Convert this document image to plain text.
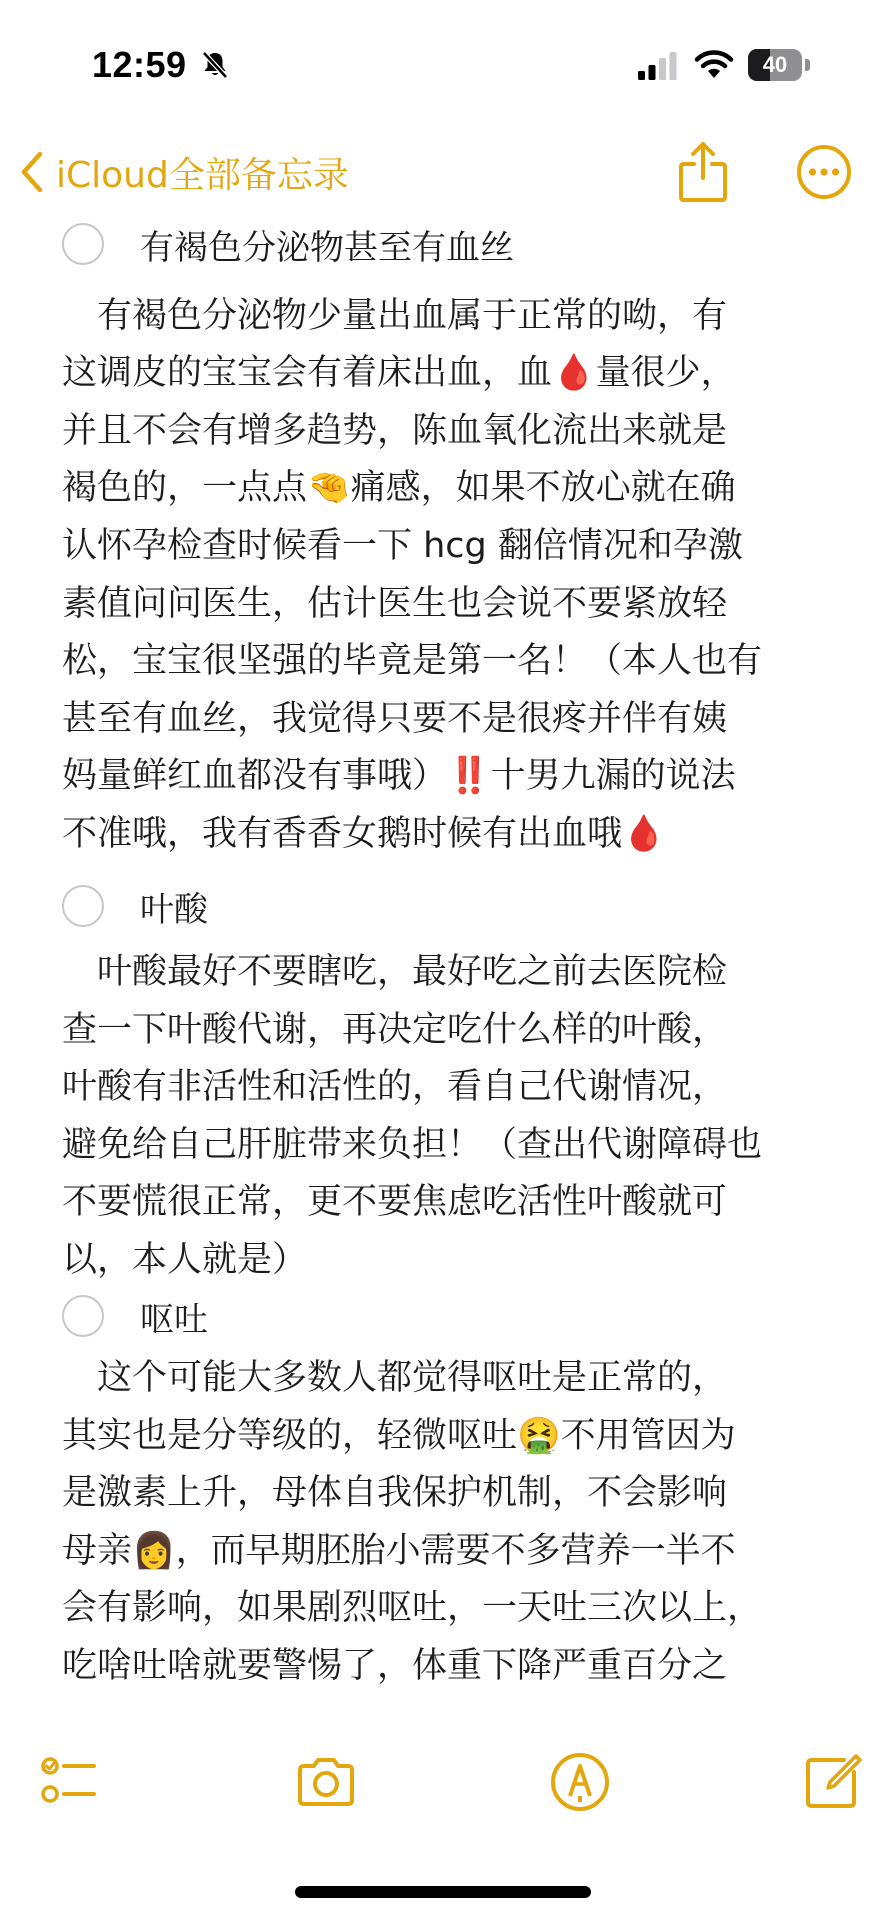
12:59	40
iCloud全部备忘录
有褐色分泌物甚至有血丝
　有褐色分泌物少量出血属于正常的呦，有
这调皮的宝宝会有着床出血，血🩸量很少，
并且不会有增多趋势，陈血氧化流出来就是
褐色的，一点点🤏痛感，如果不放心就在确
认怀孕检查时候看一下 hcg 翻倍情况和孕激
素值问问医生，估计医生也会说不要紧放轻
松，宝宝很坚强的毕竟是第一名！（本人也有
甚至有血丝，我觉得只要不是很疼并伴有姨
妈量鲜红血都没有事哦）‼️十男九漏的说法
不准哦，我有香香女鹅时候有出血哦🩸
叶酸
　叶酸最好不要瞎吃，最好吃之前去医院检
查一下叶酸代谢，再决定吃什么样的叶酸，
叶酸有非活性和活性的，看自己代谢情况，
避免给自己肝脏带来负担！（查出代谢障碍也
不要慌很正常，更不要焦虑吃活性叶酸就可
以，本人就是）
呕吐
　这个可能大多数人都觉得呕吐是正常的，
其实也是分等级的，轻微呕吐🤮不用管因为
是激素上升，母体自我保护机制，不会影响
母亲👩，而早期胚胎小需要不多营养一半不
会有影响，如果剧烈呕吐，一天吐三次以上，
吃啥吐啥就要警惕了，体重下降严重百分之
